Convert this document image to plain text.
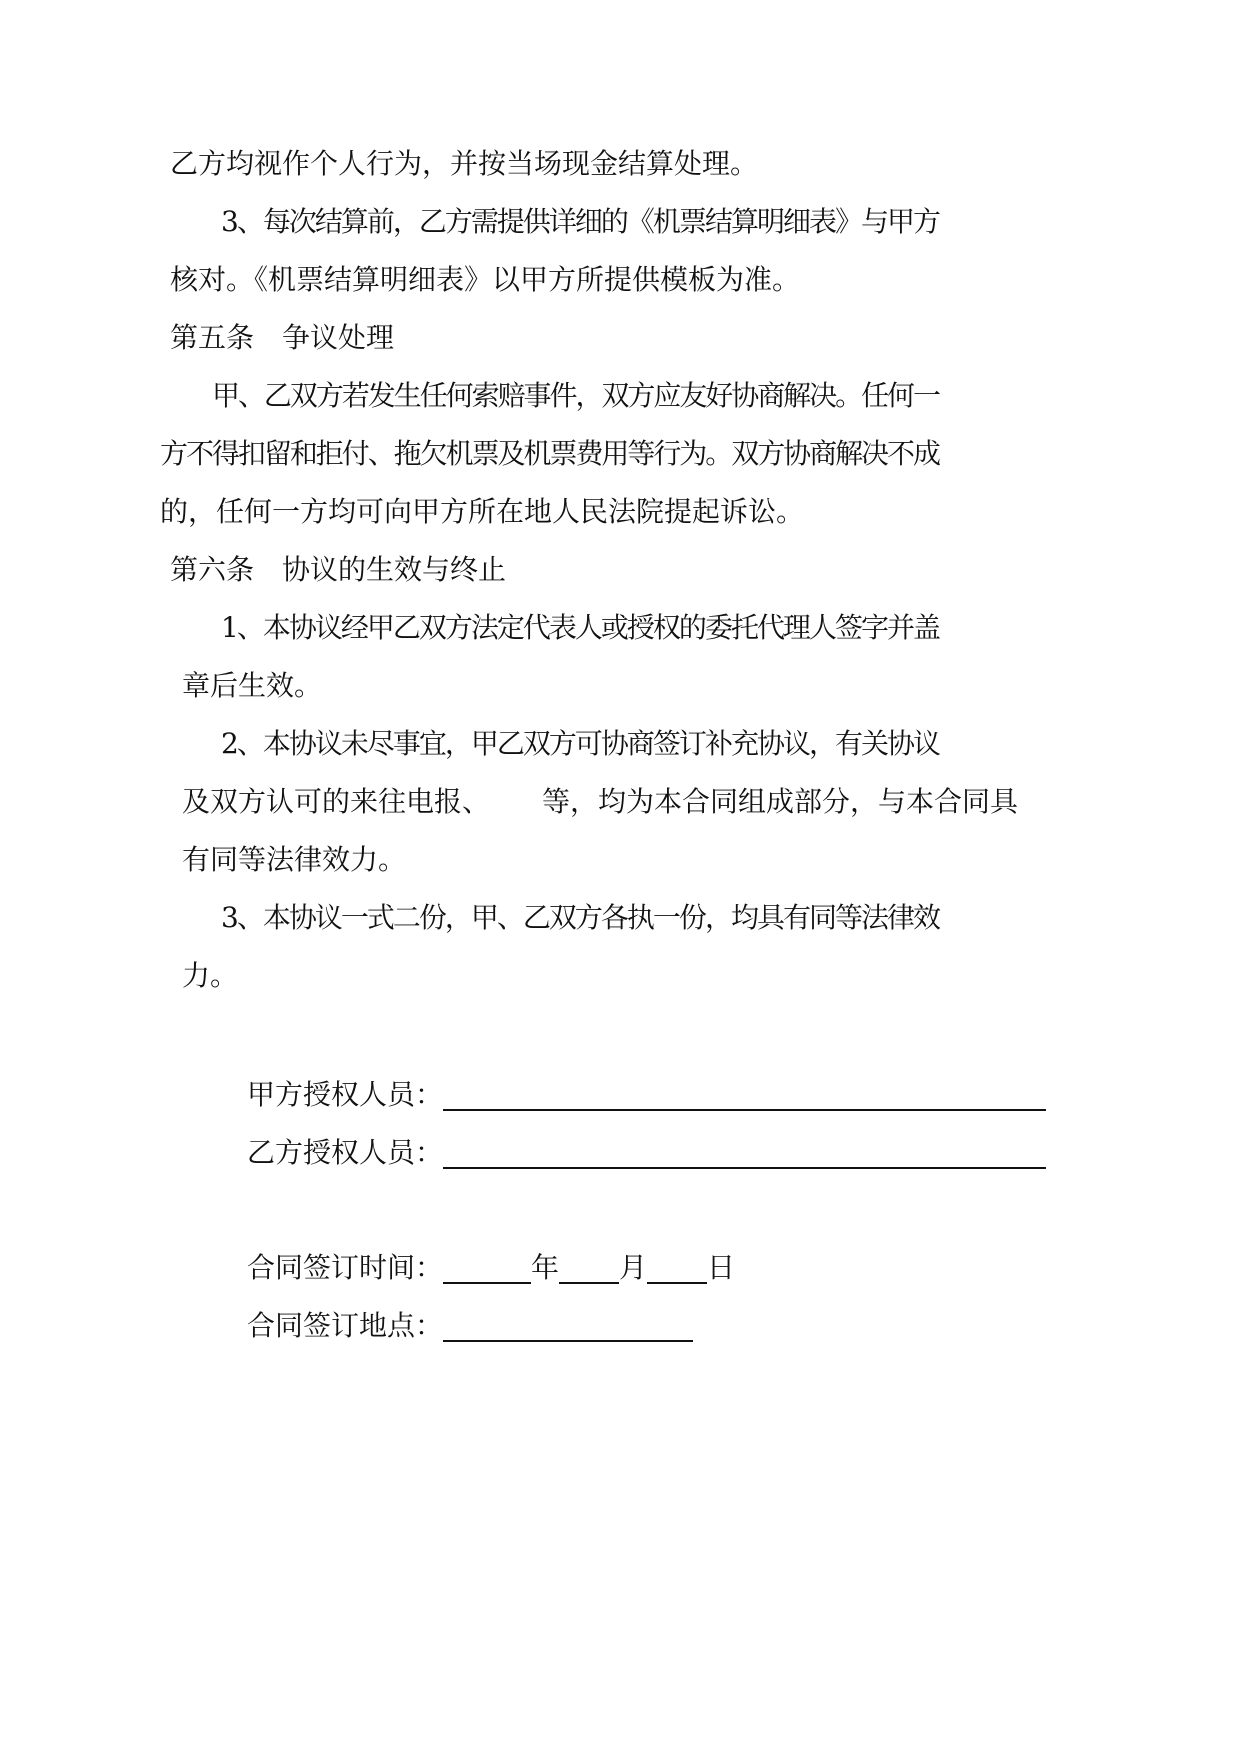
乙方均视作个人行为，并按当场现金结算处理。
3、每次结算前，乙方需提供详细的《机票结算明细表》与甲方
核对。《机票结算明细表》以甲方所提供模板为准。
第五条 争议处理
甲、乙双方若发生任何索赔事件，双方应友好协商解决。任何一
方不得扣留和拒付、拖欠机票及机票费用等行为。双方协商解决不成
的，任何一方均可向甲方所在地人民法院提起诉讼。
第六条 协议的生效与终止
1、本协议经甲乙双方法定代表人或授权的委托代理人签字并盖
章后生效。
2、本协议未尽事宜，甲乙双方可协商签订补充协议，有关协议
及双方认可的来往电报、 等，均为本合同组成部分，与本合同具
有同等法律效力。
3、本协议一式二份，甲、乙双方各执一份，均具有同等法律效
力。
甲方授权人员：
乙方授权人员：
合同签订时间：	年 月 日
合同签订地点：
